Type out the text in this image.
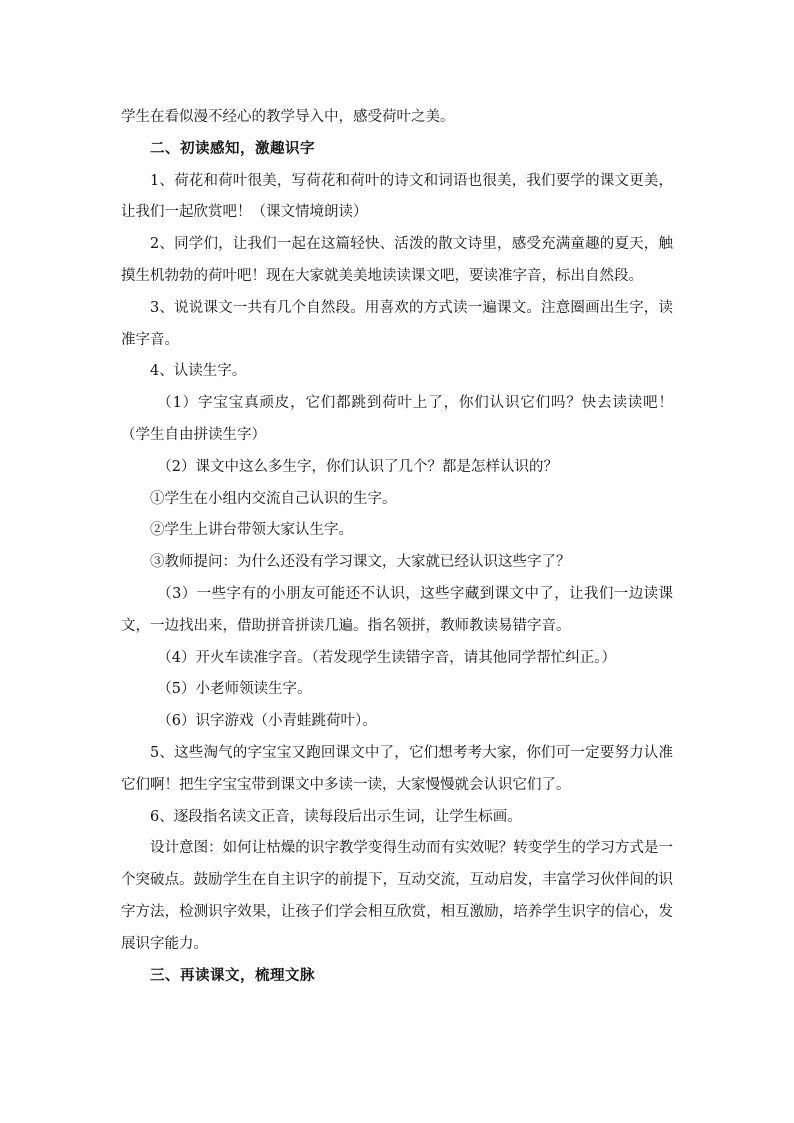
学生在看似漫不经心的教学导入中，感受荷叶之美。

二、初读感知，激趣识字

1、荷花和荷叶很美，写荷花和荷叶的诗文和词语也很美，我们要学的课文更美，让我们一起欣赏吧！（课文情境朗读）

2、同学们，让我们一起在这篇轻快、活泼的散文诗里，感受充满童趣的夏天，触摸生机勃勃的荷叶吧！现在大家就美美地读读课文吧，要读准字音，标出自然段。

3、说说课文一共有几个自然段。用喜欢的方式读一遍课文。注意圈画出生字，读准字音。

4、认读生字。

（1）字宝宝真顽皮，它们都跳到荷叶上了，你们认识它们吗？快去读读吧！（学生自由拼读生字）

（2）课文中这么多生字，你们认识了几个？都是怎样认识的？

①学生在小组内交流自己认识的生字。

②学生上讲台带领大家认生字。

③教师提问：为什么还没有学习课文，大家就已经认识这些字了？

（3）一些字有的小朋友可能还不认识，这些字藏到课文中了，让我们一边读课文，一边找出来，借助拼音拼读几遍。指名领拼，教师教读易错字音。

（4）开火车读准字音。（若发现学生读错字音，请其他同学帮忙纠正。）

（5）小老师领读生字。

（6）识字游戏（小青蛙跳荷叶）。

5、这些淘气的字宝宝又跑回课文中了，它们想考考大家，你们可一定要努力认准它们啊！把生字宝宝带到课文中多读一读，大家慢慢就会认识它们了。

6、逐段指名读文正音，读每段后出示生词，让学生标画。

设计意图：如何让枯燥的识字教学变得生动而有实效呢？转变学生的学习方式是一个突破点。鼓励学生在自主识字的前提下，互动交流，互动启发，丰富学习伙伴间的识字方法，检测识字效果，让孩子们学会相互欣赏，相互激励，培养学生识字的信心，发展识字能力。

三、再读课文，梳理文脉
